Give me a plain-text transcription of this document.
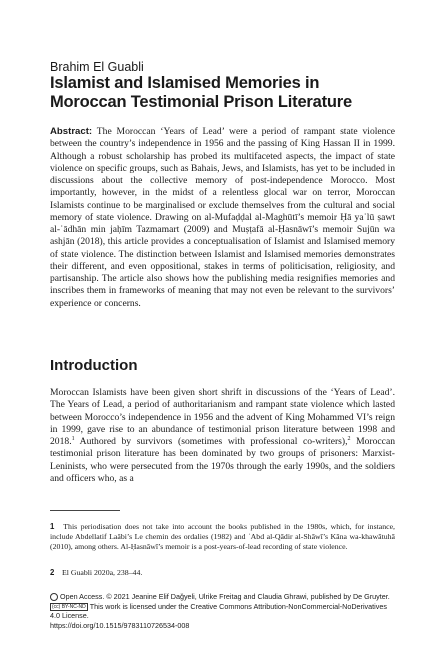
Brahim El Guabli
Islamist and Islamised Memories in
Moroccan Testimonial Prison Literature
Abstract: The Moroccan ‘Years of Lead’ were a period of rampant state violence between the country’s independence in 1956 and the passing of King Hassan II in 1999. Although a robust scholarship has probed its multifaceted aspects, the impact of state violence on specific groups, such as Bahais, Jews, and Islamists, has yet to be included in discussions about the collective memory of post-independence Morocco. Most importantly, however, in the midst of a relentless glocal war on terror, Moroccan Islamists continue to be marginalised or exclude themselves from the cultural and social memory of state violence. Drawing on al-Mufaḍḍal al-Maghūtī’s memoir Ḥā yaʿlū ṣawt al-ʿādhān min jaḥīm Tazmamart (2009) and Muṣṭafā al-Ḥasnāwī’s memoir Sujūn wa ashjān (2018), this article provides a conceptualisation of Islamist and Islamised memory of state violence. The distinction between Islamist and Islamised memories demonstrates their different, and even oppositional, stakes in terms of politicisation, religiosity, and partisanship. The article also shows how the publishing media resignifies memories and inscribes them in frameworks of meaning that may not even be relevant to the survivors’ experience or concerns.
Introduction
Moroccan Islamists have been given short shrift in discussions of the ‘Years of Lead’. The Years of Lead, a period of authoritarianism and rampant state violence which lasted between Morocco’s independence in 1956 and the advent of King Mohammed VI’s reign in 1999, gave rise to an abundance of testimonial prison literature between 1998 and 2018.$^1$ Authored by survivors (sometimes with professional co-writers),$^2$ Moroccan testimonial prison literature has been dominated by two groups of prisoners: Marxist-Leninists, who were persecuted from the 1970s through the early 1990s, and the soldiers and officers who, as a
1 This periodisation does not take into account the books published in the 1980s, which, for instance, include Abdellatif Laâbi’s Le chemin des ordalies (1982) and ʿAbd al-Qādir al-Shāwī’s Kāna wa-khawātuhā (2010), among others. Al-Ḥasnāwī’s memoir is a post-years-of-lead recording of state violence.
2 El Guabli 2020a, 238–44.
Open Access. © 2021 Jeanine Elif Dağyeli, Ulrike Freitag and Claudia Ghrawi, published by De Gruyter.
(cc) BY-NC-ND This work is licensed under the Creative Commons Attribution-NonCommercial-NoDerivatives 4.0 License.
https://doi.org/10.1515/9783110726534-008
